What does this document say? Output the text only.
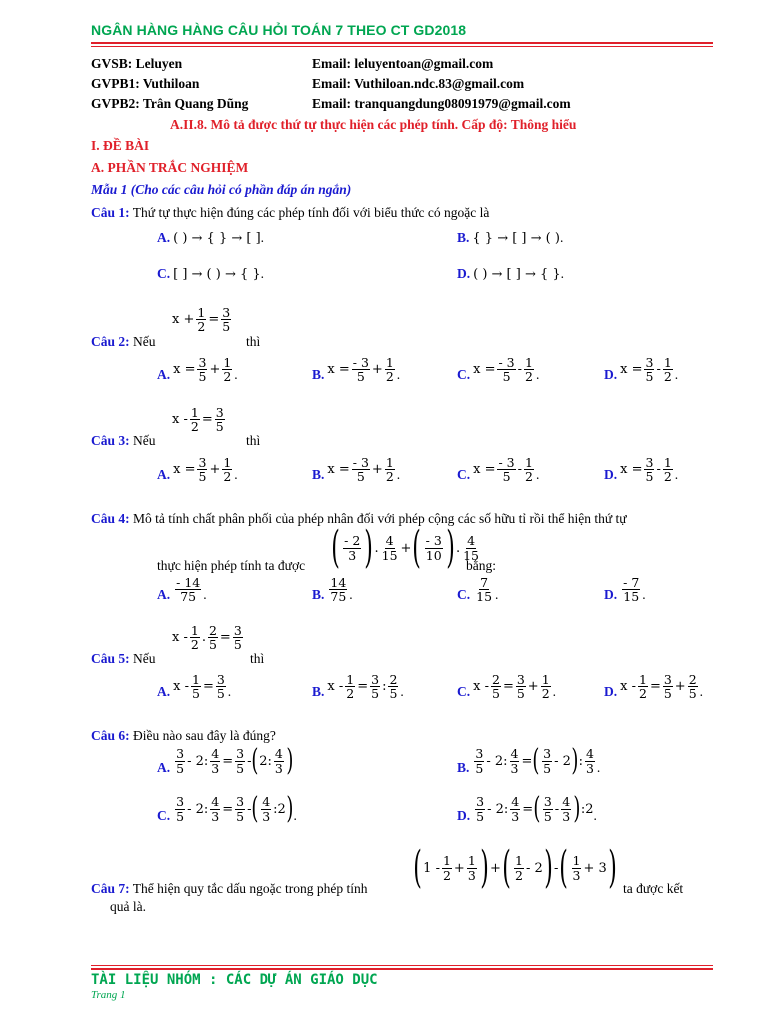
NGÂN HÀNG HÀNG CÂU HỎI TOÁN 7 THEO CT GD2018
GVSB: Leluyen	Email: leluyentoan@gmail.com
GVPB1: Vuthiloan	Email: Vuthiloan.ndc.83@gmail.com
GVPB2: Trân Quang Dũng	Email: tranquangdung08091979@gmail.com
A.II.8. Mô tả được thứ tự thực hiện các phép tính. Cấp độ: Thông hiểu
I. ĐỀ BÀI
A. PHẦN TRẮC NGHIỆM
Mẫu 1 (Cho các câu hỏi có phần đáp án ngắn)
Câu 1: Thứ tự thực hiện đúng các phép tính đối với biểu thức có ngoặc là
A. ( ) → { } → [ ] .	B. { } → [ ] → ( ) .
C. [ ] → ( ) → { } .	D. ( ) → [ ] → { } .
$x + \frac{1}{2} = \frac{3}{5}$
Câu 2: Nếu	thì
A. $x = \frac{3}{5} + \frac{1}{2}$ .	B. $x = \frac{- 3}{5} + \frac{1}{2}$ .	C. $x = \frac{- 3}{5} - \frac{1}{2}$ .	D. $x = \frac{3}{5} - \frac{1}{2}$ .
$x - \frac{1}{2} = \frac{3}{5}$
Câu 3: Nếu	thì
A. $x = \frac{3}{5} + \frac{1}{2}$ .	B. $x = \frac{- 3}{5} + \frac{1}{2}$ .	C. $x = \frac{- 3}{5} - \frac{1}{2}$ .	D. $x = \frac{3}{5} - \frac{1}{2}$ .
Câu 4: Mô tả tính chất phân phối của phép nhân đối với phép cộng các số hữu tỉ rồi thể hiện thứ tự
thực hiện phép tính ta được ( $\frac{- 2}{3}$ ) . $\frac{4}{15}$ + ( $\frac{- 3}{10}$ ) . $\frac{4}{15}$
bằng:
A. $\frac{- 14}{75}$ .	B. $\frac{14}{75}$ .	C. $\frac{7}{15}$ .	D. $\frac{- 7}{15}$ .
x - $\frac{1}{2}$ . $\frac{2}{5} = \frac{3}{5}$
Câu 5: Nếu	thì
A. $x - \frac{1}{5} = \frac{3}{5}$ .	B. $x - \frac{1}{2} = \frac{3}{5}$ : $\frac{2}{5}$ .	C. $x - \frac{2}{5} = \frac{3}{5} + \frac{1}{2}$ .	D. $x - \frac{1}{2} = \frac{3}{5} + \frac{2}{5}$ .
Câu 6: Điều nào sau đây là đúng?
A. $\frac{3}{5} - 2$: $\frac{4}{3} = \frac{3}{5}$ - ( 2: $\frac{4}{3}$ )	B. $\frac{3}{5} - 2$: $\frac{4}{3}$ = ( $\frac{3}{5} - 2$ ) : $\frac{4}{3}$ .
C. $\frac{3}{5} - 2$: $\frac{4}{3} = \frac{3}{5}$ - ( $\frac{4}{3}$ :2 ) .	D. $\frac{3}{5} - 2$: $\frac{4}{3}$ = ( $\frac{3}{5} - \frac{4}{3}$ ) :2 .
Câu 7: Thể hiện quy tắc dấu ngoặc trong phép tính ( $1 - \frac{1}{2} + \frac{1}{3}$ ) + ( $\frac{1}{2} - 2$ ) - ( $\frac{1}{3} + 3$ ) ta được kết
quả là.
TÀI LIỆU NHÓM : CÁC DỰ ÁN GIÁO DỤC
Trang 1
